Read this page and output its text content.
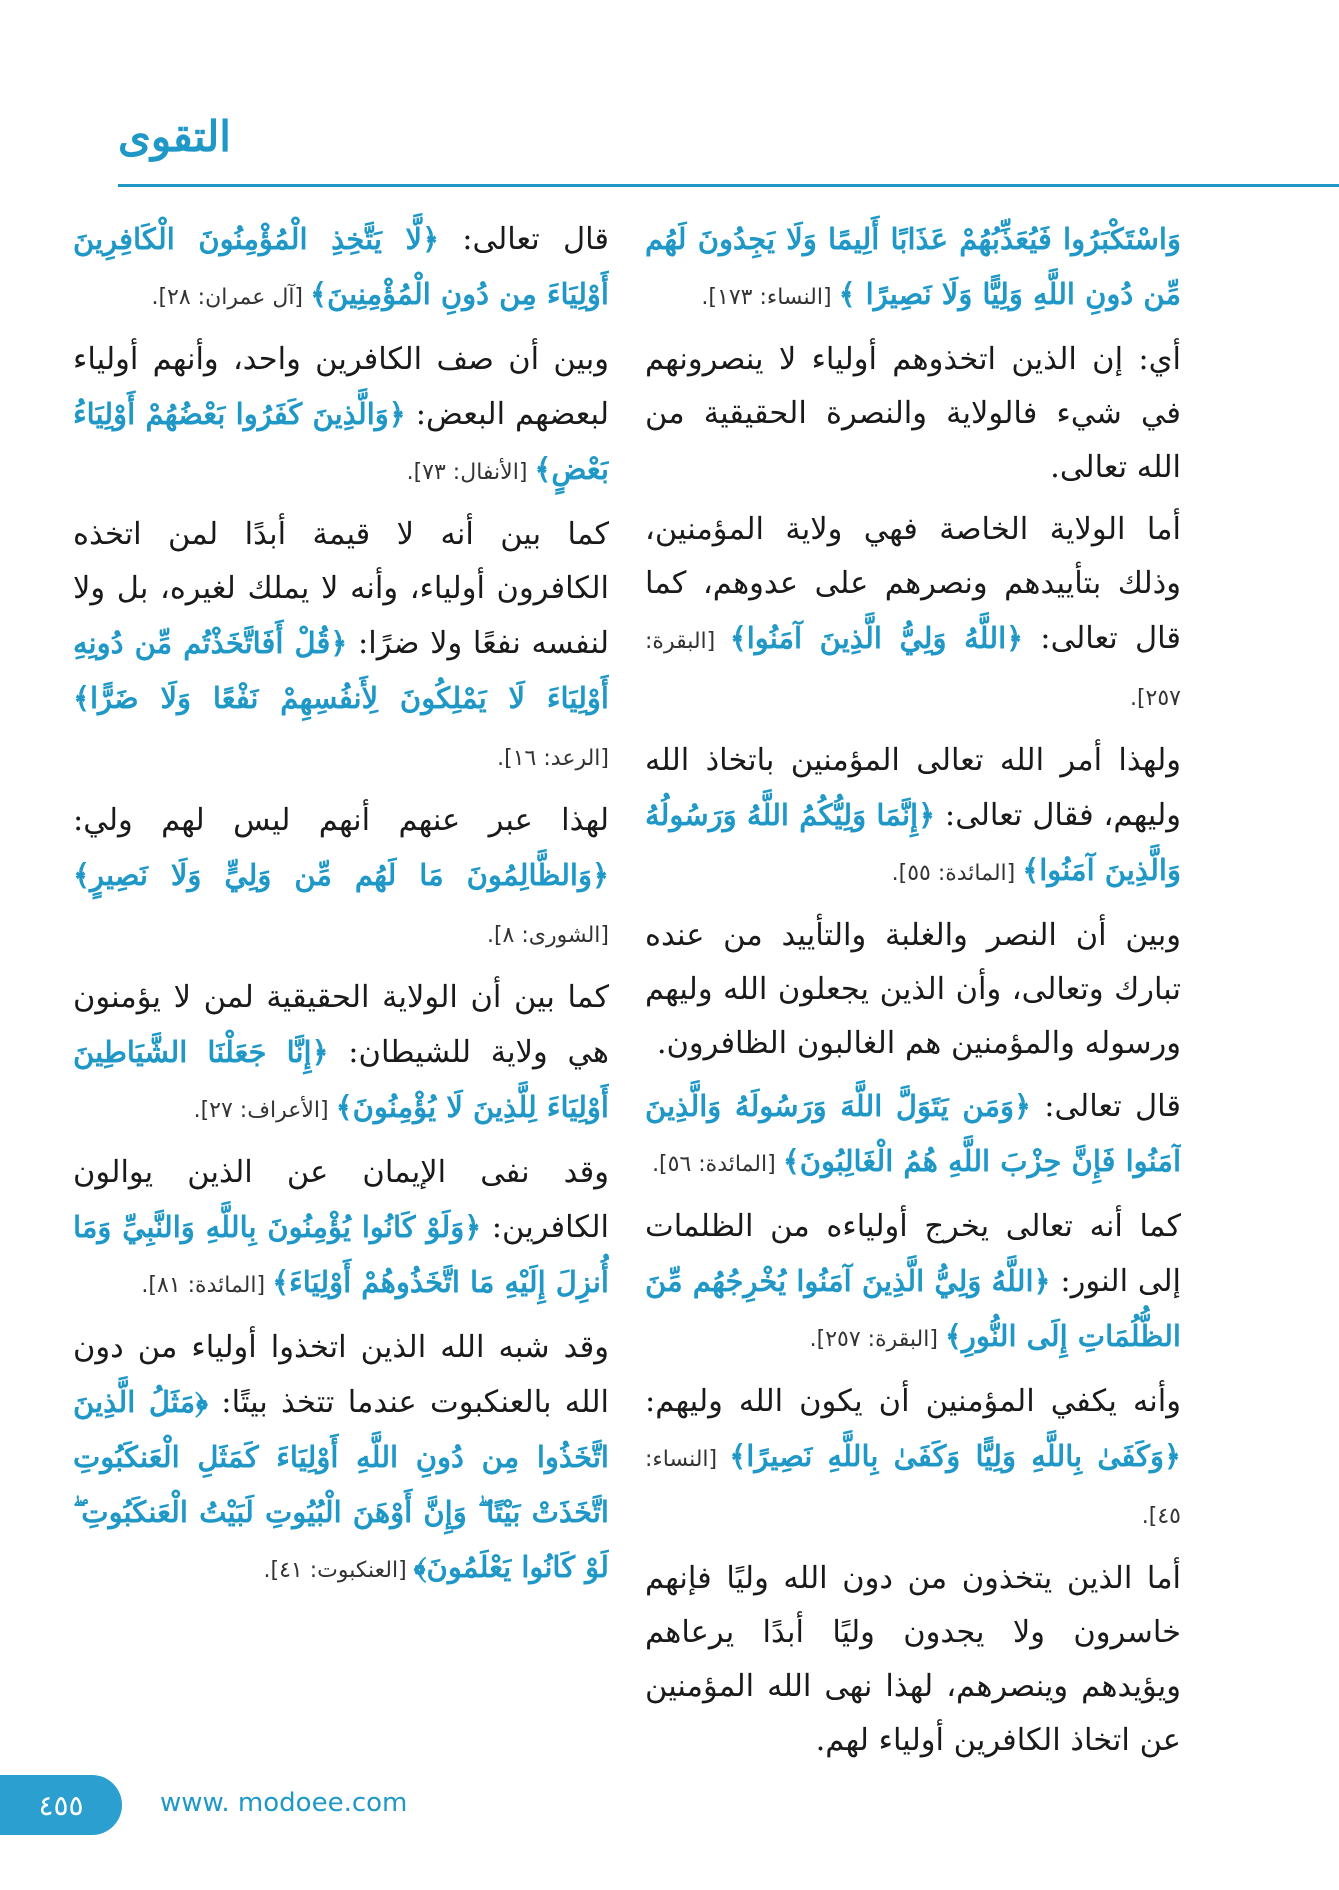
التقوى

وَاسْتَكْبَرُوا فَيُعَذِّبُهُمْ عَذَابًا أَلِيمًا وَلَا يَجِدُونَ لَهُم مِّن دُونِ اللَّهِ وَلِيًّا وَلَا نَصِيرًا ﴾ [النساء: ١٧٣].

أي: إن الذين اتخذوهم أولياء لا ينصرونهم في شيء فالولاية والنصرة الحقيقية من الله تعالى.

أما الولاية الخاصة فهي ولاية المؤمنين، وذلك بتأييدهم ونصرهم على عدوهم، كما قال تعالى: ﴿اللَّهُ وَلِيُّ الَّذِينَ آمَنُوا﴾ [البقرة: ٢٥٧].

ولهذا أمر الله تعالى المؤمنين باتخاذ الله وليهم، فقال تعالى: ﴿إِنَّمَا وَلِيُّكُمُ اللَّهُ وَرَسُولُهُ وَالَّذِينَ آمَنُوا﴾ [المائدة: ٥٥].

وبين أن النصر والغلبة والتأييد من عنده تبارك وتعالى، وأن الذين يجعلون الله وليهم ورسوله والمؤمنين هم الغالبون الظافرون.

قال تعالى: ﴿وَمَن يَتَوَلَّ اللَّهَ وَرَسُولَهُ وَالَّذِينَ آمَنُوا فَإِنَّ حِزْبَ اللَّهِ هُمُ الْغَالِبُونَ﴾ [المائدة: ٥٦].

كما أنه تعالى يخرج أولياءه من الظلمات إلى النور: ﴿اللَّهُ وَلِيُّ الَّذِينَ آمَنُوا يُخْرِجُهُم مِّنَ الظُّلُمَاتِ إِلَى النُّورِ﴾ [البقرة: ٢٥٧].

وأنه يكفي المؤمنين أن يكون الله وليهم: ﴿وَكَفَىٰ بِاللَّهِ وَلِيًّا وَكَفَىٰ بِاللَّهِ نَصِيرًا﴾ [النساء: ٤٥].

أما الذين يتخذون من دون الله وليًا فإنهم خاسرون ولا يجدون وليًا أبدًا يرعاهم ويؤيدهم وينصرهم، لهذا نهى الله المؤمنين عن اتخاذ الكافرين أولياء لهم.

قال تعالى: ﴿لَّا يَتَّخِذِ الْمُؤْمِنُونَ الْكَافِرِينَ أَوْلِيَاءَ مِن دُونِ الْمُؤْمِنِينَ﴾ [آل عمران: ٢٨].

وبين أن صف الكافرين واحد، وأنهم أولياء لبعضهم البعض: ﴿وَالَّذِينَ كَفَرُوا بَعْضُهُمْ أَوْلِيَاءُ بَعْضٍ﴾ [الأنفال: ٧٣].

كما بين أنه لا قيمة أبدًا لمن اتخذه الكافرون أولياء، وأنه لا يملك لغيره، بل ولا لنفسه نفعًا ولا ضرًا: ﴿قُلْ أَفَاتَّخَذْتُم مِّن دُونِهِ أَوْلِيَاءَ لَا يَمْلِكُونَ لِأَنفُسِهِمْ نَفْعًا وَلَا ضَرًّا﴾ [الرعد: ١٦].

لهذا عبر عنهم أنهم ليس لهم ولي: ﴿وَالظَّالِمُونَ مَا لَهُم مِّن وَلِيٍّ وَلَا نَصِيرٍ﴾ [الشورى: ٨].

كما بين أن الولاية الحقيقية لمن لا يؤمنون هي ولاية للشيطان: ﴿إِنَّا جَعَلْنَا الشَّيَاطِينَ أَوْلِيَاءَ لِلَّذِينَ لَا يُؤْمِنُونَ﴾ [الأعراف: ٢٧].

وقد نفى الإيمان عن الذين يوالون الكافرين: ﴿وَلَوْ كَانُوا يُؤْمِنُونَ بِاللَّهِ وَالنَّبِيِّ وَمَا أُنزِلَ إِلَيْهِ مَا اتَّخَذُوهُمْ أَوْلِيَاءَ﴾ [المائدة: ٨١].

وقد شبه الله الذين اتخذوا أولياء من دون الله بالعنكبوت عندما تتخذ بيتًا: ﴿مَثَلُ الَّذِينَ اتَّخَذُوا مِن دُونِ اللَّهِ أَوْلِيَاءَ كَمَثَلِ الْعَنكَبُوتِ اتَّخَذَتْ بَيْتًا ۖ وَإِنَّ أَوْهَنَ الْبُيُوتِ لَبَيْتُ الْعَنكَبُوتِ ۖ لَوْ كَانُوا يَعْلَمُونَ﴾ [العنكبوت: ٤١].

٤٥٥	www. modoee.com
